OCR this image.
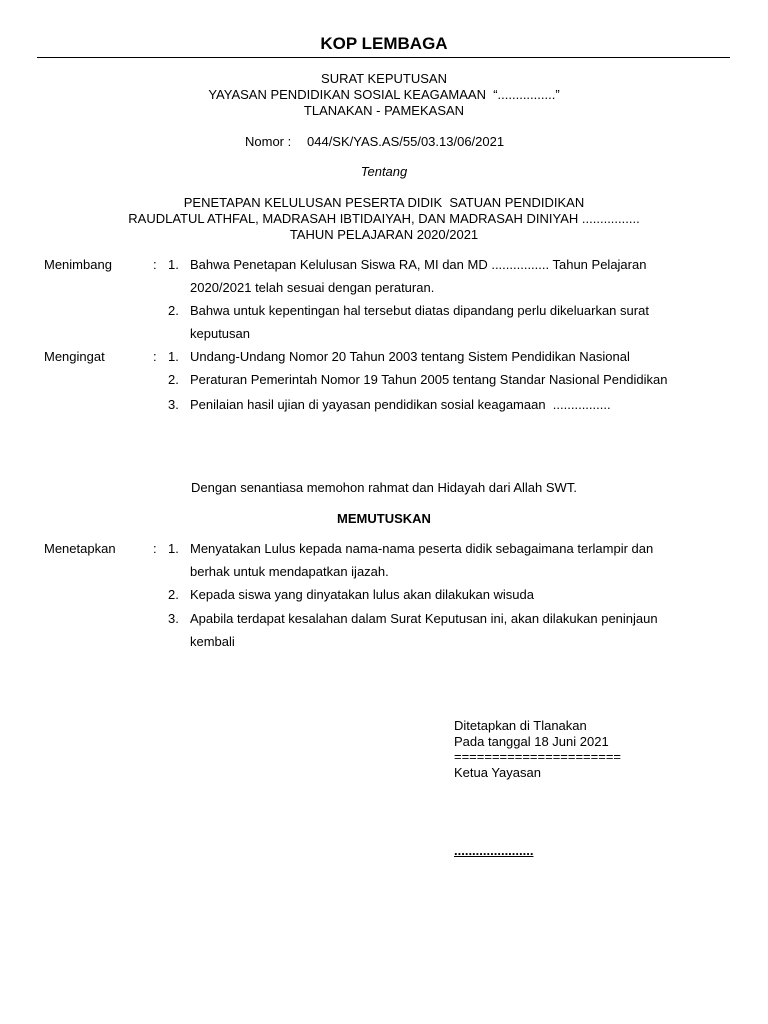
KOP LEMBAGA
SURAT KEPUTUSAN
YAYASAN PENDIDIKAN SOSIAL KEAGAMAAN  “................”
TLANAKAN - PAMEKASAN
Nomor : 044/SK/YAS.AS/55/03.13/06/2021
Tentang
PENETAPAN KELULUSAN PESERTA DIDIK  SATUAN PENDIDIKAN
RAUDLATUL ATHFAL, MADRASAH IBTIDAIYAH, DAN MADRASAH DINIYAH ................
TAHUN PELAJARAN 2020/2021
Menimbang	: 1. Bahwa Penetapan Kelulusan Siswa RA, MI dan MD ................ Tahun Pelajaran
2020/2021 telah sesuai dengan peraturan.
2. Bahwa untuk kepentingan hal tersebut diatas dipandang perlu dikeluarkan surat
keputusan
Mengingat	: 1. Undang-Undang Nomor 20 Tahun 2003 tentang Sistem Pendidikan Nasional
2. Peraturan Pemerintah Nomor 19 Tahun 2005 tentang Standar Nasional Pendidikan
3. Penilaian hasil ujian di yayasan pendidikan sosial keagamaan  ................
Dengan senantiasa memohon rahmat dan Hidayah dari Allah SWT.
MEMUTUSKAN
Menetapkan	: 1. Menyatakan Lulus kepada nama-nama peserta didik sebagaimana terlampir dan
berhak untuk mendapatkan ijazah.
2. Kepada siswa yang dinyatakan lulus akan dilakukan wisuda
3. Apabila terdapat kesalahan dalam Surat Keputusan ini, akan dilakukan peninjaun
kembali
Ditetapkan di Tlanakan
Pada tanggal 18 Juni 2021
======================
Ketua Yayasan
......................
